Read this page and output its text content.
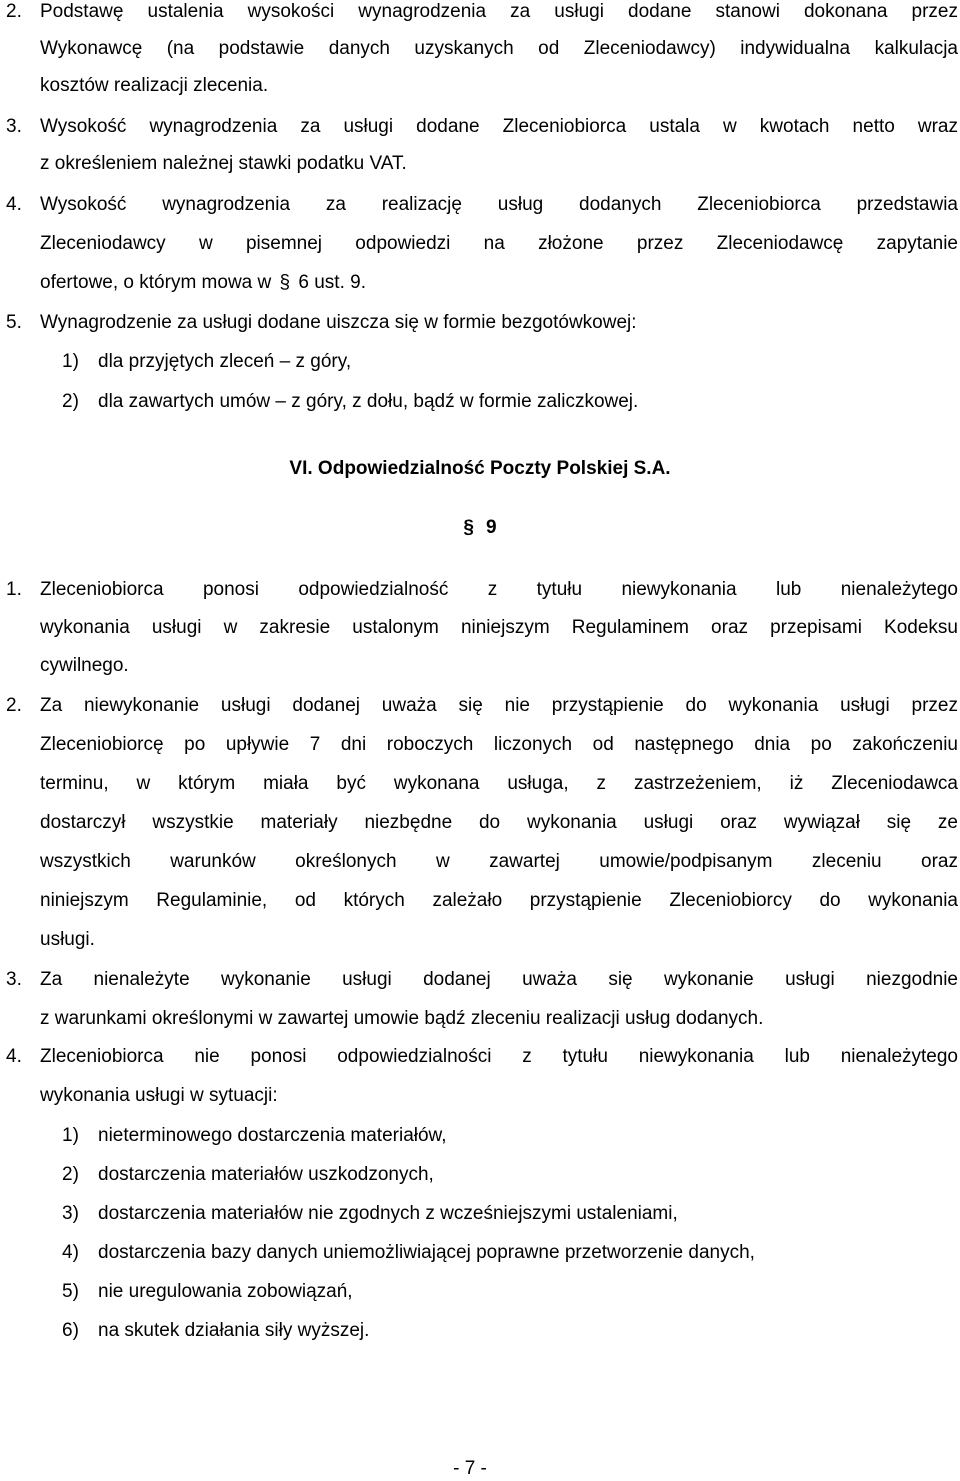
2. Podstawę ustalenia wysokości wynagrodzenia za usługi dodane stanowi dokonana przez
Wykonawcę (na podstawie danych uzyskanych od Zleceniodawcy) indywidualna kalkulacja
kosztów realizacji zlecenia.
3. Wysokość wynagrodzenia za usługi dodane Zleceniobiorca ustala w kwotach netto wraz
z określeniem należnej stawki podatku VAT.
4. Wysokość wynagrodzenia za realizację usług dodanych Zleceniobiorca przedstawia
Zleceniodawcy w pisemnej odpowiedzi na złożone przez Zleceniodawcę zapytanie
ofertowe, o którym mowa w § 6 ust. 9.
5. Wynagrodzenie za usługi dodane uiszcza się w formie bezgotówkowej:
1) dla przyjętych zleceń – z góry,
2) dla zawartych umów – z góry, z dołu, bądź w formie zaliczkowej.
VI. Odpowiedzialność Poczty Polskiej S.A.
§ 9
1. Zleceniobiorca ponosi odpowiedzialność z tytułu niewykonania lub nienależytego
wykonania usługi w zakresie ustalonym niniejszym Regulaminem oraz przepisami Kodeksu
cywilnego.
2. Za niewykonanie usługi dodanej uważa się nie przystąpienie do wykonania usługi przez
Zleceniobiorcę po upływie 7 dni roboczych liczonych od następnego dnia po zakończeniu
terminu, w którym miała być wykonana usługa, z zastrzeżeniem, iż Zleceniodawca
dostarczył wszystkie materiały niezbędne do wykonania usługi oraz wywiązał się ze
wszystkich warunków określonych w zawartej umowie/podpisanym zleceniu oraz
niniejszym Regulaminie, od których zależało przystąpienie Zleceniobiorcy do wykonania
usługi.
3. Za nienależyte wykonanie usługi dodanej uważa się wykonanie usługi niezgodnie
z warunkami określonymi w zawartej umowie bądź zleceniu realizacji usług dodanych.
4. Zleceniobiorca nie ponosi odpowiedzialności z tytułu niewykonania lub nienależytego
wykonania usługi w sytuacji:
1) nieterminowego dostarczenia materiałów,
2) dostarczenia materiałów uszkodzonych,
3) dostarczenia materiałów nie zgodnych z wcześniejszymi ustaleniami,
4) dostarczenia bazy danych uniemożliwiającej poprawne przetworzenie danych,
5) nie uregulowania zobowiązań,
6) na skutek działania siły wyższej.
- 7 -
